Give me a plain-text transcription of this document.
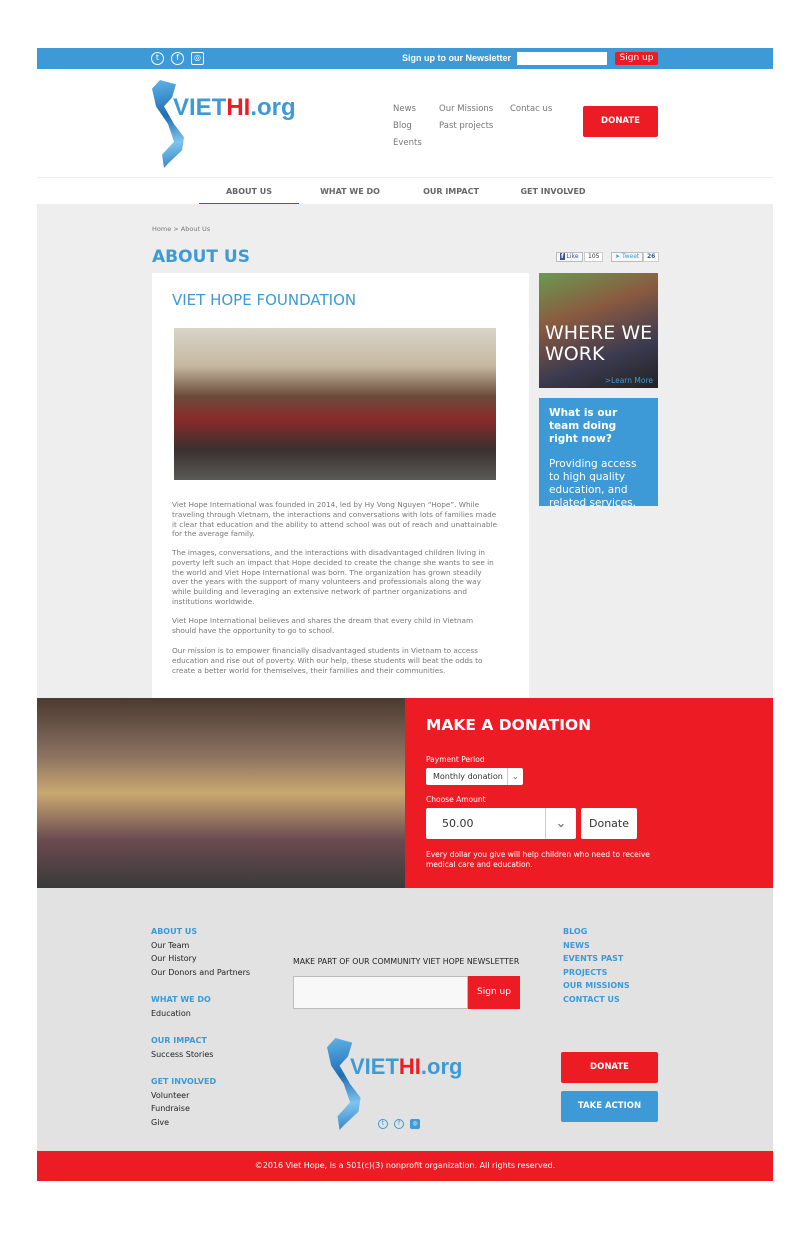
t	f	◎	Sign up to our Newsletter	Sign up
VIETHI.org	News
Blog
Events
Our Missions
Past projects
Contac us
DONATE
ABOUT US	WHAT WE DO	OUR IMPACT	GET INVOLVED
Home > About Us
ABOUT US	f Like	105	➤ Tweet	26
VIET HOPE FOUNDATION

Viet Hope International was founded in 2014, led by Hy Vong Nguyen “Hope”. While traveling through Vietnam, the interactions and conversations with lots of families made it clear that education and the ability to attend school was out of reach and unattainable for the average family.

The images, conversations, and the interactions with disadvantaged children living in poverty left such an impact that Hope decided to create the change she wants to see in the world and Viet Hope International was born. The organization has grown steadily over the years with the support of many volunteers and professionals along the way while building and leveraging an extensive network of partner organizations and institutions worldwide.

Viet Hope International believes and shares the dream that every child in Vietnam should have the opportunity to go to school.

Our mission is to empower financially disadvantaged students in Vietnam to access education and rise out of poverty. With our help, these students will beat the odds to create a better world for themselves, their families and their communities.

WHERE WE WORK
>Learn More
What is our team doing right now?
Providing access to high quality education, and related services.
MAKE A DONATION
Payment Period
Monthly donation	⌄
Choose Amount
50.00	⌄	Donate
Every dollar you give will help children who need to receive medical care and education.
ABOUT US
Our Team
Our History
Our Donors and Partners
WHAT WE DO
Education
OUR IMPACT
Success Stories
GET INVOLVED
Volunteer
Fundraise
Give
MAKE PART OF OUR COMMUNITY VIET HOPE NEWSLETTER
Sign up
VIETHI.org
t	f	◎
BLOG
NEWS
EVENTS PAST
PROJECTS
OUR MISSIONS
CONTACT US
DONATE
TAKE ACTION
©2016 Viet Hope, is a 501(c)(3) nonprofit organization. All rights reserved.
